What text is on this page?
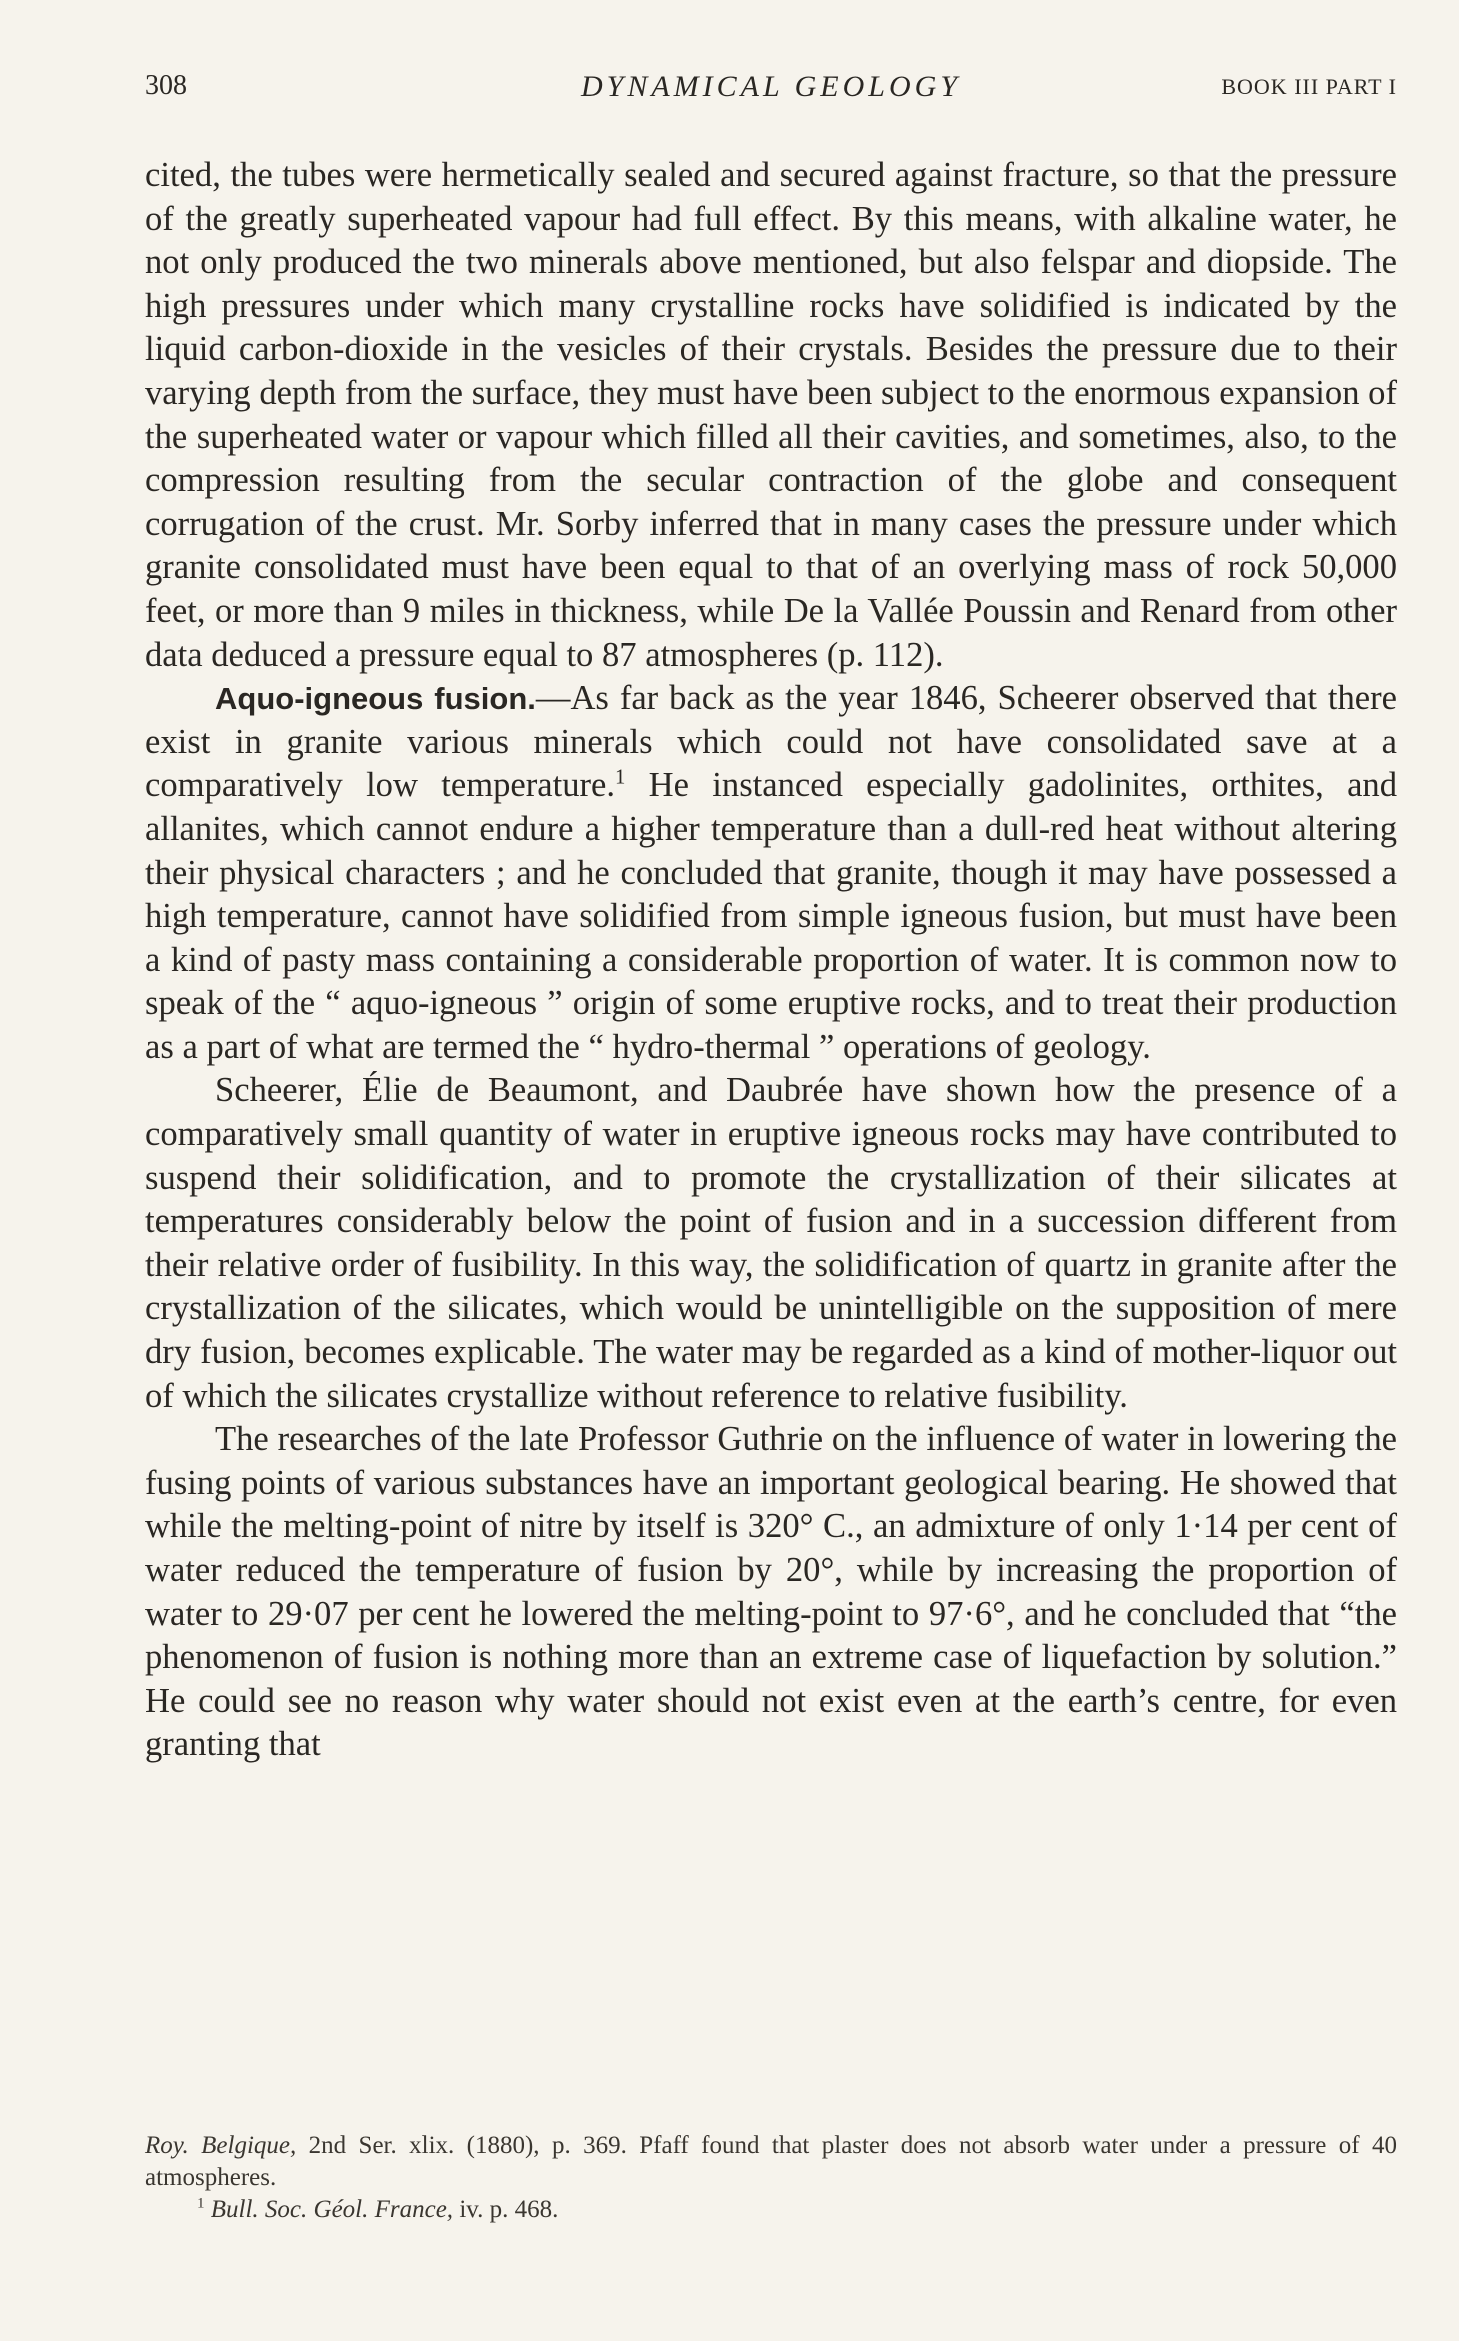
308	DYNAMICAL GEOLOGY	BOOK III PART I

cited, the tubes were hermetically sealed and secured against fracture, so that the pressure of the greatly superheated vapour had full effect. By this means, with alkaline water, he not only produced the two minerals above mentioned, but also felspar and diopside. The high pressures under which many crystalline rocks have solidified is indicated by the liquid carbon-dioxide in the vesicles of their crystals. Besides the pressure due to their varying depth from the surface, they must have been subject to the enormous expansion of the superheated water or vapour which filled all their cavities, and sometimes, also, to the compression resulting from the secular contraction of the globe and consequent corrugation of the crust. Mr. Sorby inferred that in many cases the pressure under which granite consolidated must have been equal to that of an overlying mass of rock 50,000 feet, or more than 9 miles in thickness, while De la Vallée Poussin and Renard from other data deduced a pressure equal to 87 atmospheres (p. 112).

Aquo-igneous fusion.—As far back as the year 1846, Scheerer observed that there exist in granite various minerals which could not have consolidated save at a comparatively low temperature.$^1$ He instanced especially gadolinites, orthites, and allanites, which cannot endure a higher temperature than a dull-red heat without altering their physical characters ; and he concluded that granite, though it may have possessed a high temperature, cannot have solidified from simple igneous fusion, but must have been a kind of pasty mass containing a considerable proportion of water. It is common now to speak of the “ aquo-igneous ” origin of some eruptive rocks, and to treat their production as a part of what are termed the “ hydro-thermal ” operations of geology.

Scheerer, Élie de Beaumont, and Daubrée have shown how the presence of a comparatively small quantity of water in eruptive igneous rocks may have contributed to suspend their solidification, and to promote the crystallization of their silicates at temperatures considerably below the point of fusion and in a succession different from their relative order of fusibility. In this way, the solidification of quartz in granite after the crystallization of the silicates, which would be unintelligible on the supposition of mere dry fusion, becomes explicable. The water may be regarded as a kind of mother-liquor out of which the silicates crystallize without reference to relative fusibility.

The researches of the late Professor Guthrie on the influence of water in lowering the fusing points of various substances have an important geological bearing. He showed that while the melting-point of nitre by itself is 320° C., an admixture of only 1·14 per cent of water reduced the temperature of fusion by 20°, while by increasing the proportion of water to 29·07 per cent he lowered the melting-point to 97·6°, and he concluded that “the phenomenon of fusion is nothing more than an extreme case of liquefaction by solution.” He could see no reason why water should not exist even at the earth’s centre, for even granting that

Roy. Belgique, 2nd Ser. xlix. (1880), p. 369. Pfaff found that plaster does not absorb water under a pressure of 40 atmospheres.

$^1$ Bull. Soc. Géol. France, iv. p. 468.
